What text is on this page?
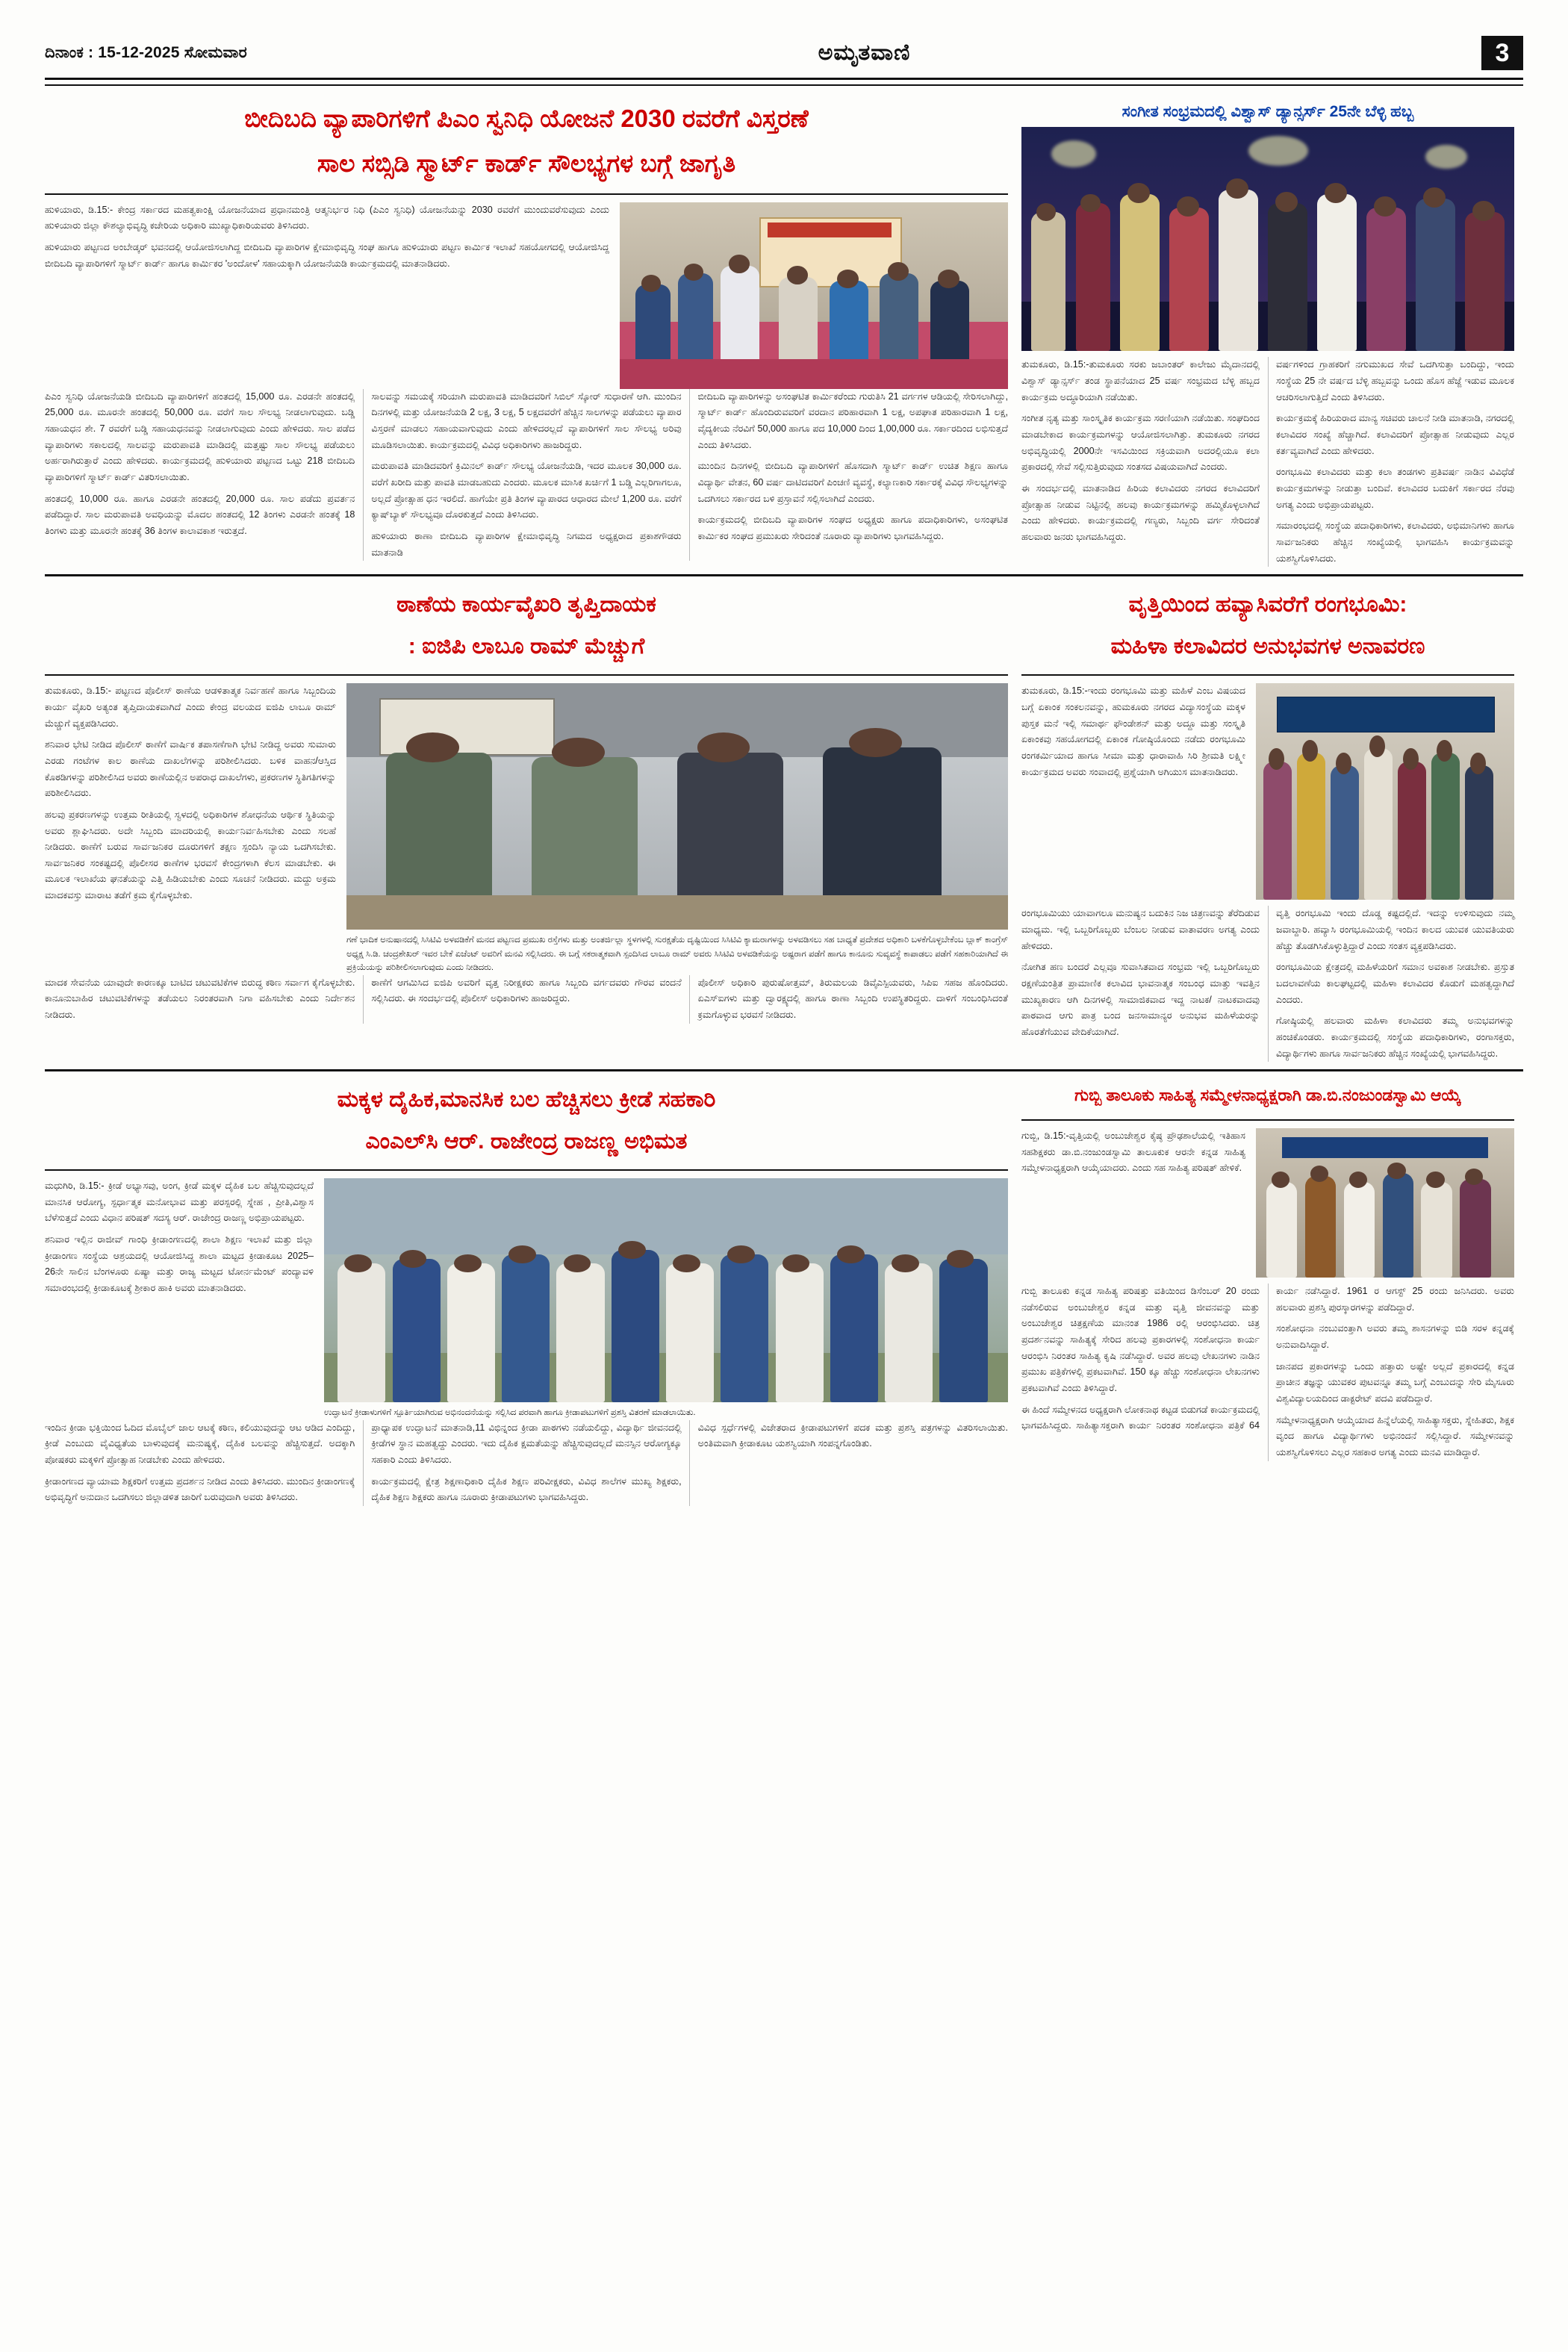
ದಿನಾಂಕ : 15-12-2025 ಸೋಮವಾರ	ಅಮೃತವಾಣಿ	3
ಬೀದಿಬದಿ ವ್ಯಾಪಾರಿಗಳಿಗೆ ಪಿಎಂ ಸ್ವನಿಧಿ ಯೋಜನೆ 2030 ರವರೆಗೆ ವಿಸ್ತರಣೆ
ಸಾಲ ಸಬ್ಸಿಡಿ ಸ್ಮಾರ್ಟ್ ಕಾರ್ಡ್ ಸೌಲಭ್ಯಗಳ ಬಗ್ಗೆ ಜಾಗೃತಿ

ಹುಳಿಯಾರು, ಡಿ.15:- ಕೇಂದ್ರ ಸರ್ಕಾರದ ಮಹತ್ವಕಾಂಕ್ಷಿ ಯೋಜನೆಯಾದ ಪ್ರಧಾನಮಂತ್ರಿ ಆತ್ಮನಿರ್ಭರ ನಿಧಿ (ಪಿಎಂ ಸ್ವನಿಧಿ) ಯೋಜನೆಯನ್ನು 2030 ರವರೆಗೆ ಮುಂದುವರೆಸುವುದು ಎಂದು ಹುಳಿಯಾರು ಜಿಲ್ಲಾ ಕೌಶಲ್ಯಾಭಿವೃದ್ಧಿ ಕಚೇರಿಯ ಅಧಿಕಾರಿ ಮುಖ್ಯಾಧಿಕಾರಿಯವರು ತಿಳಿಸಿದರು.

ಹುಳಿಯಾರು ಪಟ್ಟಣದ ಅಂಬೇಡ್ಕರ್ ಭವನದಲ್ಲಿ ಆಯೋಜಿಸಲಾಗಿದ್ದ ಬೀದಿಬದಿ ವ್ಯಾಪಾರಿಗಳ ಕ್ಷೇಮಾಭಿವೃದ್ಧಿ ಸಂಘ ಹಾಗೂ ಹುಳಿಯಾರು ಪಟ್ಟಣ ಕಾರ್ಮಿಕ ಇಲಾಖೆ ಸಹಯೋಗದಲ್ಲಿ ಆಯೋಜಿಸಿದ್ದ ಬೀದಿಬದಿ ವ್ಯಾಪಾರಿಗಳಿಗೆ ಸ್ಮಾರ್ಟ್ ಕಾರ್ಡ್ ಹಾಗೂ ಕಾರ್ಮಿಕರ 'ಅಂದೋಳ' ಸಹಾಯಕ್ಕಾಗಿ ಯೋಜನೆಯಡಿ ಕಾರ್ಯಕ್ರಮದಲ್ಲಿ ಮಾತನಾಡಿದರು.

ಪಿಎಂ ಸ್ವನಿಧಿ ಯೋಜನೆಯಡಿ ಬೀದಿಬದಿ ವ್ಯಾಪಾರಿಗಳಿಗೆ ಹಂತದಲ್ಲಿ 15,000 ರೂ. ಎರಡನೇ ಹಂತದಲ್ಲಿ 25,000 ರೂ. ಮೂರನೇ ಹಂತದಲ್ಲಿ 50,000 ರೂ. ವರೆಗೆ ಸಾಲ ಸೌಲಭ್ಯ ನೀಡಲಾಗುವುದು. ಬಡ್ಡಿ ಸಹಾಯಧನ ಶೇ. 7 ರವರೆಗೆ ಬಡ್ಡಿ ಸಹಾಯಧನವನ್ನು ನೀಡಲಾಗುವುದು ಎಂದು ಹೇಳಿದರು. ಸಾಲ ಪಡೆದ ವ್ಯಾಪಾರಿಗಳು ಸಕಾಲದಲ್ಲಿ ಸಾಲವನ್ನು ಮರುಪಾವತಿ ಮಾಡಿದಲ್ಲಿ ಮತ್ತಷ್ಟು ಸಾಲ ಸೌಲಭ್ಯ ಪಡೆಯಲು ಅರ್ಹರಾಗಿರುತ್ತಾರೆ ಎಂದು ಹೇಳಿದರು. ಕಾರ್ಯಕ್ರಮದಲ್ಲಿ ಹುಳಿಯಾರು ಪಟ್ಟಣದ ಒಟ್ಟು 218 ಬೀದಿಬದಿ ವ್ಯಾಪಾರಿಗಳಿಗೆ ಸ್ಮಾರ್ಟ್ ಕಾರ್ಡ್ ವಿತರಿಸಲಾಯಿತು.

ಹಂತದಲ್ಲಿ 10,000 ರೂ. ಹಾಗೂ ಎರಡನೇ ಹಂತದಲ್ಲಿ 20,000 ರೂ. ಸಾಲ ಪಡೆದು ಪ್ರವರ್ತನ ಪಡೆದಿದ್ದಾರೆ. ಸಾಲ ಮರುಪಾವತಿ ಅವಧಿಯನ್ನು ಮೊದಲ ಹಂತದಲ್ಲಿ 12 ತಿಂಗಳು ಎರಡನೇ ಹಂತಕ್ಕೆ 18 ತಿಂಗಳು ಮತ್ತು ಮೂರನೇ ಹಂತಕ್ಕೆ 36 ತಿಂಗಳ ಕಾಲಾವಕಾಶ ಇರುತ್ತದೆ.

ಸಾಲವನ್ನು ಸಮಯಕ್ಕೆ ಸರಿಯಾಗಿ ಮರುಪಾವತಿ ಮಾಡಿದವರಿಗೆ ಸಿಬಿಲ್ ಸ್ಕೋರ್ ಸುಧಾರಣೆ ಆಗಿ. ಮುಂದಿನ ದಿನಗಳಲ್ಲಿ ಮತ್ತು ಯೋಜನೆಯಡಿ 2 ಲಕ್ಷ, 3 ಲಕ್ಷ, 5 ಲಕ್ಷದವರೆಗೆ ಹೆಚ್ಚಿನ ಸಾಲಗಳನ್ನು ಪಡೆಯಲು ವ್ಯಾಪಾರ ವಿಸ್ತರಣೆ ಮಾಡಲು ಸಹಾಯವಾಗುವುದು ಎಂದು ಹೇಳಿದರಲ್ಲದೆ ವ್ಯಾಪಾರಿಗಳಿಗೆ ಸಾಲ ಸೌಲಭ್ಯ ಅರಿವು ಮೂಡಿಸಲಾಯಿತು. ಕಾರ್ಯಕ್ರಮದಲ್ಲಿ ವಿವಿಧ ಅಧಿಕಾರಿಗಳು ಹಾಜರಿದ್ದರು.

ಮರುಪಾವತಿ ಮಾಡಿದವರಿಗೆ ಕ್ರಿಮಿನಲ್ ಕಾರ್ಡ್ ಸೌಲಭ್ಯ ಯೋಜನೆಯಡಿ, ಇದರ ಮೂಲಕ 30,000 ರೂ. ವರೆಗೆ ಖರೀದಿ ಮತ್ತು ಪಾವತಿ ಮಾಡಬಹುದು ಎಂದರು. ಮೂಲಕ ಮಾಸಿಕ ಖರ್ಚಿಗೆ 1 ಬಡ್ಡಿ ಎಲ್ಲರಿಗಾಗಲೂ, ಅಲ್ಲದೆ ಪ್ರೋತ್ಸಾಹ ಧನ ಇರಲಿದೆ. ಹಾಗೆಯೇ ಪ್ರತಿ ತಿಂಗಳ ವ್ಯಾಪಾರದ ಆಧಾರದ ಮೇಲೆ 1,200 ರೂ. ವರೆಗೆ ಕ್ಯಾಷ್‌ಬ್ಯಾಕ್ ಸೌಲಭ್ಯವೂ ದೊರಕುತ್ತದೆ ಎಂದು ತಿಳಿಸಿದರು.

ಹುಳಿಯಾರು ಠಾಣಾ ಬೀದಿಬದಿ ವ್ಯಾಪಾರಿಗಳ ಕ್ಷೇಮಾಭಿವೃದ್ಧಿ ನಿಗಮದ ಅಧ್ಯಕ್ಷರಾದ ಪ್ರಕಾಶಗೌಡರು ಮಾತನಾಡಿ

ಬೀದಿಬದಿ ವ್ಯಾಪಾರಿಗಳನ್ನು ಅಸಂಘಟಿತ ಕಾರ್ಮಿಕರೆಂದು ಗುರುತಿಸಿ 21 ವರ್ಗಗಳ ಆಡಿಯಲ್ಲಿ ಸೇರಿಸಲಾಗಿದ್ದು, ಸ್ಮಾರ್ಟ್ ಕಾರ್ಡ್ ಹೊಂದಿರುವವರಿಗೆ ವರದಾನ ಪರಿಹಾರವಾಗಿ 1 ಲಕ್ಷ, ಅಪಘಾತ ಪರಿಹಾರವಾಗಿ 1 ಲಕ್ಷ, ವೈದ್ಯಕೀಯ ನೆರವಿಗೆ 50,000 ಹಾಗೂ ಪದ 10,000 ದಿಂದ 1,00,000 ರೂ. ಸರ್ಕಾರದಿಂದ ಲಭಿಸುತ್ತದೆ ಎಂದು ತಿಳಿಸಿದರು.

ಮುಂದಿನ ದಿನಗಳಲ್ಲಿ ಬೀದಿಬದಿ ವ್ಯಾಪಾರಿಗಳಿಗೆ ಹೊಸದಾಗಿ ಸ್ಮಾರ್ಟ್ ಕಾರ್ಡ್ ಉಚಿತ ಶಿಕ್ಷಣ ಹಾಗೂ ವಿದ್ಯಾರ್ಥಿ ವೇತನ, 60 ವರ್ಷ ದಾಟಿದವರಿಗೆ ಪಿಂಚಣಿ ವ್ಯವಸ್ಥೆ, ಕಲ್ಯಾಣಕಾರಿ ಸರ್ಕಾರಕ್ಕೆ ವಿವಿಧ ಸೌಲಭ್ಯಗಳನ್ನು ಒದಗಿಸಲು ಸರ್ಕಾರದ ಬಳಿ ಪ್ರಸ್ತಾವನೆ ಸಲ್ಲಿಸಲಾಗಿದೆ ಎಂದರು.

ಕಾರ್ಯಕ್ರಮದಲ್ಲಿ ಬೀದಿಬದಿ ವ್ಯಾಪಾರಿಗಳ ಸಂಘದ ಅಧ್ಯಕ್ಷರು ಹಾಗೂ ಪದಾಧಿಕಾರಿಗಳು, ಅಸಂಘಟಿತ ಕಾರ್ಮಿಕರ ಸಂಘದ ಪ್ರಮುಖರು ಸೇರಿದಂತೆ ನೂರಾರು ವ್ಯಾಪಾರಿಗಳು ಭಾಗವಹಿಸಿದ್ದರು.

ಸಂಗೀತ ಸಂಭ್ರಮದಲ್ಲಿ ವಿಶ್ವಾಸ್ ಡ್ಯಾನ್ಸರ್ಸ್ 25ನೇ ಬೆಳ್ಳಿ ಹಬ್ಬ

ತುಮಕೂರು, ಡಿ.15:-ತುಮಕೂರು ಸರಕು ಜಬಾಂತರ್ ಕಾಲೇಜು ಮೈದಾನದಲ್ಲಿ ವಿಶ್ವಾಸ್ ಡ್ಯಾನ್ಸರ್ಸ್ ತಂಡ ಸ್ಥಾಪನೆಯಾದ 25 ವರ್ಷ ಸಂಭ್ರಮದ ಬೆಳ್ಳಿ ಹಬ್ಬದ ಕಾರ್ಯಕ್ರಮ ಅದ್ಧೂರಿಯಾಗಿ ನಡೆಯಿತು.

ಸಂಗೀತ ನೃತ್ಯ ಮತ್ತು ಸಾಂಸ್ಕೃತಿಕ ಕಾರ್ಯಕ್ರಮ ಸರಣಿಯಾಗಿ ನಡೆಯಿತು. ಸಂಘದಿಂದ ಮಾಡಬೇಕಾದ ಕಾರ್ಯಕ್ರಮಗಳನ್ನು ಆಯೋಜಿಸಲಾಗಿತ್ತು. ತುಮಕೂರು ನಗರದ ಅಭಿವೃದ್ಧಿಯಲ್ಲಿ 2000ನೇ ಇಸವಿಯಿಂದ ಸಕ್ರಿಯವಾಗಿ ಅದರಲ್ಲಿಯೂ ಕಲಾ ಪ್ರಕಾರದಲ್ಲಿ ಸೇವೆ ಸಲ್ಲಿಸುತ್ತಿರುವುದು ಸಂತಸದ ವಿಷಯವಾಗಿದೆ ಎಂದರು.

ಈ ಸಂದರ್ಭದಲ್ಲಿ ಮಾತನಾಡಿದ ಹಿರಿಯ ಕಲಾವಿದರು ನಗರದ ಕಲಾವಿದರಿಗೆ ಪ್ರೋತ್ಸಾಹ ನೀಡುವ ನಿಟ್ಟಿನಲ್ಲಿ ಹಲವು ಕಾರ್ಯಕ್ರಮಗಳನ್ನು ಹಮ್ಮಿಕೊಳ್ಳಲಾಗಿದೆ ಎಂದು ಹೇಳಿದರು. ಕಾರ್ಯಕ್ರಮದಲ್ಲಿ ಗಣ್ಯರು, ಸಿಬ್ಬಂದಿ ವರ್ಗ ಸೇರಿದಂತೆ ಹಲವಾರು ಜನರು ಭಾಗವಹಿಸಿದ್ದರು.

ವರ್ಷಗಳಿಂದ ಗ್ರಾಹಕರಿಗೆ ನಗುಮುಖದ ಸೇವೆ ಒದಗಿಸುತ್ತಾ ಬಂದಿದ್ದು, ಇಂದು ಸಂಸ್ಥೆಯ 25 ನೇ ವರ್ಷದ ಬೆಳ್ಳಿ ಹಬ್ಬವನ್ನು ಒಂದು ಹೊಸ ಹೆಜ್ಜೆ ಇಡುವ ಮೂಲಕ ಆಚರಿಸಲಾಗುತ್ತಿದೆ ಎಂದು ತಿಳಿಸಿದರು.

ಕಾರ್ಯಕ್ರಮಕ್ಕೆ ಹಿರಿಯರಾದ ಮಾನ್ಯ ಸಚಿವರು ಚಾಲನೆ ನೀಡಿ ಮಾತನಾಡಿ, ನಗರದಲ್ಲಿ ಕಲಾವಿದರ ಸಂಖ್ಯೆ ಹೆಚ್ಚಾಗಿದೆ. ಕಲಾವಿದರಿಗೆ ಪ್ರೋತ್ಸಾಹ ನೀಡುವುದು ಎಲ್ಲರ ಕರ್ತವ್ಯವಾಗಿದೆ ಎಂದು ಹೇಳಿದರು.

ರಂಗಭೂಮಿ ಕಲಾವಿದರು ಮತ್ತು ಕಲಾ ತಂಡಗಳು ಪ್ರತಿವರ್ಷ ನಾಡಿನ ವಿವಿಧೆಡೆ ಕಾರ್ಯಕ್ರಮಗಳನ್ನು ನೀಡುತ್ತಾ ಬಂದಿವೆ. ಕಲಾವಿದರ ಬದುಕಿಗೆ ಸರ್ಕಾರದ ನೆರವು ಅಗತ್ಯ ಎಂದು ಅಭಿಪ್ರಾಯಪಟ್ಟರು.

ಸಮಾರಂಭದಲ್ಲಿ ಸಂಸ್ಥೆಯ ಪದಾಧಿಕಾರಿಗಳು, ಕಲಾವಿದರು, ಅಭಿಮಾನಿಗಳು ಹಾಗೂ ಸಾರ್ವಜನಿಕರು ಹೆಚ್ಚಿನ ಸಂಖ್ಯೆಯಲ್ಲಿ ಭಾಗವಹಿಸಿ ಕಾರ್ಯಕ್ರಮವನ್ನು ಯಶಸ್ವಿಗೊಳಿಸಿದರು.

ಠಾಣೆಯ ಕಾರ್ಯವೈಖರಿ ತೃಪ್ತಿದಾಯಕ
: ಐಜಿಪಿ ಲಾಬೂ ರಾಮ್ ಮೆಚ್ಚುಗೆ

ತುಮಕೂರು, ಡಿ.15:- ಪಟ್ಟಣದ ಪೊಲೀಸ್ ಠಾಣೆಯ ಆಡಳಿತಾತ್ಮಕ ನಿರ್ವಹಣೆ ಹಾಗೂ ಸಿಬ್ಬಂದಿಯ ಕಾರ್ಯ ವೈಖರಿ ಅತ್ಯಂತ ತೃಪ್ತಿದಾಯಕವಾಗಿದೆ ಎಂದು ಕೇಂದ್ರ ವಲಯದ ಐಜಿಪಿ ಲಾಬೂ ರಾಮ್ ಮೆಚ್ಚುಗೆ ವ್ಯಕ್ತಪಡಿಸಿದರು.

ಶನಿವಾರ ಭೇಟಿ ನೀಡಿದ ಪೊಲೀಸ್ ಠಾಣೆಗೆ ವಾರ್ಷಿಕ ತಪಾಸಣೆಗಾಗಿ ಭೇಟಿ ನೀಡಿದ್ದ ಅವರು ಸುಮಾರು ಎರಡು ಗಂಟೆಗಳ ಕಾಲ ಠಾಣೆಯ ದಾಖಲೆಗಳನ್ನು ಪರಿಶೀಲಿಸಿದರು. ಬಳಿಕ ವಾಹನ/ಆಸ್ತಿದ ಕೊಠಡಿಗಳನ್ನು ಪರಿಶೀಲಿಸಿದ ಅವರು ಠಾಣೆಯಲ್ಲಿನ ಅಪರಾಧ ದಾಖಲೆಗಳು, ಪ್ರಕರಣಗಳ ಸ್ಥಿತಿಗತಿಗಳನ್ನು ಪರಿಶೀಲಿಸಿದರು.

ಹಲವು ಪ್ರಕರಣಗಳನ್ನು ಉತ್ತಮ ರೀತಿಯಲ್ಲಿ ಸ್ವಳದಲ್ಲಿ ಅಧಿಕಾರಿಗಳ ಶೋಧನೆಯ ಆರ್ಥಿಕ ಸ್ಥಿತಿಯನ್ನು ಅವರು ಶ್ಲಾಘಿಸಿದರು. ಅದೇ ಸಿಬ್ಬಂದಿ ಮಾದರಿಯಲ್ಲಿ ಕಾರ್ಯನಿರ್ವಹಿಸಬೇಕು ಎಂದು ಸಲಹೆ ನೀಡಿದರು. ಠಾಣೆಗೆ ಬರುವ ಸಾರ್ವಜನಿಕರ ದೂರುಗಳಿಗೆ ತಕ್ಷಣ ಸ್ಪಂದಿಸಿ ನ್ಯಾಯ ಒದಗಿಸಬೇಕು. ಸಾರ್ವಜನಿಕರ ಸಂಕಷ್ಟದಲ್ಲಿ ಪೊಲೀಸರ ಠಾಣೆಗಳ ಭರವಸೆ ಕೇಂದ್ರಗಳಾಗಿ ಕೆಲಸ ಮಾಡಬೇಕು. ಈ ಮೂಲಕ ಇಲಾಖೆಯ ಘನತೆಯನ್ನು ಎತ್ತಿ ಹಿಡಿಯಬೇಕು ಎಂದು ಸೂಚನೆ ನೀಡಿದರು. ಮದ್ದು ಅಕ್ರಮ ಮಾದಕವಸ್ತು ಮಾರಾಟ ತಡೆಗೆ ಕ್ರಮ ಕೈಗೊಳ್ಳಬೇಕು.

ಗಣೆ ಭಾದಿಕ ಅನುಷಾನದಲ್ಲಿ ಸಿಸಿಟಿವಿ ಅಳವಡಿಕೆಗೆ ಮನದ ಪಟ್ಟಣದ ಪ್ರಮುಖ ರಸ್ತೆಗಳು ಮತ್ತು ಅಂತರ್ಜಿಲ್ಲಾ ಸ್ಥಳಗಳಲ್ಲಿ ಸುರಕ್ಷತೆಯ ದೃಷ್ಟಿಯಿಂದ ಸಿಸಿಟಿವಿ ಕ್ಯಾಮರಾಗಳನ್ನು ಅಳವಡಿಸಲು ಸಹ ಬಾಧ್ಯತೆ ಪ್ರದೇಶದ ಅಧಿಕಾರಿ ಬಳಕೆಗೊಳ್ಳಬೇಕೆಂಬ ಬ್ಲಾಕ್ ಕಾಂಗ್ರೆಸ್ ಅಧ್ಯಕ್ಷ ಸಿ.ಡಿ. ಚಂದ್ರಶೇಖರ್ ಇವರ ಬೇಕೆ ಏಜೆಂಟ್ ಅವರಿಗೆ ಮನವಿ ಸಲ್ಲಿಸಿದರು. ಈ ಬಗ್ಗೆ ಸಕರಾತ್ಮಕವಾಗಿ ಸ್ಪಂದಿಸಿದ ಲಾಬೂ ರಾಮ್ ಅವರು ಸಿಸಿಟಿವಿ ಅಳವಡಿಕೆಯನ್ನು ಅಷ್ಟರಾಗ ಪಡೆಗೆ ಹಾಗೂ ಕಾನೂನು ಸುವ್ಯವಸ್ಥೆ ಕಾಪಾಡಲು ಪಡೆಗೆ ಸಹಕಾರಿಯಾಗಿದೆ ಈ ಪ್ರಕ್ರಿಯೆಯನ್ನು ಪರಿಶೀಲಿಸಲಾಗುವುದು ಎಂದು ನೀಡಿದರು.

ಮಾದಕ ಸೇವನೆಯ ಯಾವುದೇ ಕಾರಣಕ್ಕೂ ಬಾಟಿದ ಚಟುವಟಿಕೆಗಳ ಬಿರುದ್ಧ ಕಠಿಣ ಸರ್ವಾಗ ಕೈಗೊಳ್ಳಬೇಕು. ಕಾನೂನುಬಾಹಿರ ಚಟುವಟಿಕೆಗಳನ್ನು ತಡೆಯಲು ನಿರಂತರವಾಗಿ ನಿಗಾ ವಹಿಸಬೇಕು ಎಂದು ನಿರ್ದೇಶನ ನೀಡಿದರು.

ಠಾಣೆಗೆ ಆಗಮಿಸಿದ ಐಜಿಪಿ ಅವರಿಗೆ ವೃತ್ತ ನಿರೀಕ್ಷಕರು ಹಾಗೂ ಸಿಬ್ಬಂದಿ ವರ್ಗದವರು ಗೌರವ ವಂದನೆ ಸಲ್ಲಿಸಿದರು. ಈ ಸಂದರ್ಭದಲ್ಲಿ ಪೊಲೀಸ್ ಅಧಿಕಾರಿಗಳು ಹಾಜರಿದ್ದರು.

ಪೊಲೀಸ್ ಅಧಿಕಾರಿ ಪುರುಷೋತ್ತಮ್, ತಿರುಮಲಯ ಡಿವೈಎಸ್ಪಿಯವರು, ಸಿಪಿಐ ಸಹಜ ಹೊಂದಿದರು. ಏಎಸ್‌ಐಗಳು ಮತ್ತು ದ್ವಾರಕ್ಷ್ಯದಲ್ಲಿ ಹಾಗೂ ಠಾಣಾ ಸಿಬ್ಬಂದಿ ಉಪಸ್ಥಿತರಿದ್ದರು. ದಾಳಿಗೆ ಸಂಬಂಧಿಸಿದಂತೆ ಕ್ರಮಗೊಳ್ಳುವ ಭರವಸೆ ನೀಡಿದರು.

ವೃತ್ತಿಯಿಂದ ಹವ್ಯಾಸಿವರೆಗೆ ರಂಗಭೂಮಿ:
ಮಹಿಳಾ ಕಲಾವಿದರ ಅನುಭವಗಳ ಅನಾವರಣ

ತುಮಕೂರು, ಡಿ.15:-ಇಂದು ರಂಗಭೂಮಿ ಮತ್ತು ಮಹಿಳೆ ಎಂಬ ವಿಷಯದ ಬಗ್ಗೆ ಏಕಾಂಕ ಸಂಕಲನವನ್ನು, ಹುಮಕೂರು ನಗರದ ವಿದ್ಯಾಸಂಸ್ಥೆಯ ಮಕ್ಕಳ ಪುಸ್ತಕ ಮನೆ ಇಲ್ಲಿ ಸಮಾರ್ಥ ಫೌಂಡೇಶನ್ ಮತ್ತು ಅದ್ದೂ ಮತ್ತು ಸಂಸ್ಕೃತಿ ಏಕಾಂಕವು ಸಹಯೋಗದಲ್ಲಿ ಏಕಾಂಕ ಗೋಷ್ಠಿಯೊಂದು ನಡೆದು ರಂಗಭೂಮಿ ರಂಗಕರ್ಮಿಯಾದ ಹಾಗೂ ಸೀಮಾ ಮತ್ತು ಧಾರಾವಾಹಿ ಸಿರಿ ಶ್ರೀಮತಿ ಲಕ್ಷ್ಮೀ ಕಾರ್ಯಕ್ರಮದ ಅವರು ಸಂವಾದಲ್ಲಿ ಪ್ರಶ್ನೆಯಾಗಿ ಅಗಿಯುಸ ಮಾತನಾಡಿದರು.

ರಂಗಭೂಮಿಯು ಯಾವಾಗಲೂ ಮನುಷ್ಯನ ಬದುಕಿನ ನಿಜ ಚಿತ್ರಣವನ್ನು ತೆರೆದಿಡುವ ಮಾಧ್ಯಮ. ಇಲ್ಲಿ ಒಬ್ಬರಿಗೊಬ್ಬರು ಬೆಂಬಲ ನೀಡುವ ವಾತಾವರಣ ಅಗತ್ಯ ಎಂದು ಹೇಳಿದರು.

ನೋಗಿತ ಹಣ ಬಂದರೆ ಎಲ್ಲವೂ ಸುವಾಸಿತವಾದ ಸಂಭ್ರಮ ಇಲ್ಲಿ ಒಬ್ಬರಿಗೊಬ್ಬರು ರಕ್ಷಣೆಯಂತ್ರಿತ ಪ್ರಾಮಾಣಿಕ ಕಲಾವಿದ ಭಾವನಾತ್ಮಕ ಸಂಬಂಧ ಮಾತ್ತು ಇವತ್ತಿನ ಮುಖ್ಯಕಾರಣ ಆಗಿ ದಿನಗಳಲ್ಲಿ ಸಾಮಾಜಿಕವಾದ ಇದ್ದ ನಾಟಕ/ ನಾಟಕವಾದವು ಪಾಠವಾದ ಆಗು ಪಾತ್ರ ಬಂದ ಜನಸಾಮಾನ್ಯರ ಅನುಭವ ಮಹಿಳೆಯರನ್ನು ಹೊರತೆಗೆಯುವ ವೇದಿಕೆಯಾಗಿದೆ.

ವೃತ್ತಿ ರಂಗಭೂಮಿ ಇಂದು ದೊಡ್ಡ ಕಷ್ಟದಲ್ಲಿದೆ. ಇದನ್ನು ಉಳಿಸುವುದು ನಮ್ಮ ಜವಾಬ್ದಾರಿ. ಹವ್ಯಾಸಿ ರಂಗಭೂಮಿಯಲ್ಲಿ ಇಂದಿನ ಕಾಲದ ಯುವಕ ಯುವತಿಯರು ಹೆಚ್ಚು ತೊಡಗಿಸಿಕೊಳ್ಳುತ್ತಿದ್ದಾರೆ ಎಂದು ಸಂತಸ ವ್ಯಕ್ತಪಡಿಸಿದರು.

ರಂಗಭೂಮಿಯ ಕ್ಷೇತ್ರದಲ್ಲಿ ಮಹಿಳೆಯರಿಗೆ ಸಮಾನ ಅವಕಾಶ ನೀಡಬೇಕು. ಪ್ರಸ್ತುತ ಬದಲಾವಣೆಯ ಕಾಲಘಟ್ಟದಲ್ಲಿ ಮಹಿಳಾ ಕಲಾವಿದರ ಕೊಡುಗೆ ಮಹತ್ವದ್ದಾಗಿದೆ ಎಂದರು.

ಗೋಷ್ಠಿಯಲ್ಲಿ ಹಲವಾರು ಮಹಿಳಾ ಕಲಾವಿದರು ತಮ್ಮ ಅನುಭವಗಳನ್ನು ಹಂಚಿಕೊಂಡರು. ಕಾರ್ಯಕ್ರಮದಲ್ಲಿ ಸಂಸ್ಥೆಯ ಪದಾಧಿಕಾರಿಗಳು, ರಂಗಾಸಕ್ತರು, ವಿದ್ಯಾರ್ಥಿಗಳು ಹಾಗೂ ಸಾರ್ವಜನಿಕರು ಹೆಚ್ಚಿನ ಸಂಖ್ಯೆಯಲ್ಲಿ ಭಾಗವಹಿಸಿದ್ದರು.

ಮಕ್ಕಳ ದೈಹಿಕ,ಮಾನಸಿಕ ಬಲ ಹೆಚ್ಚಿಸಲು ಕ್ರೀಡೆ ಸಹಕಾರಿ
ಎಂಎಲ್‌ಸಿ ಆರ್. ರಾಜೇಂದ್ರ ರಾಜಣ್ಣ ಅಭಿಮತ

ಮಧುಗಿರಿ, ಡಿ.15:- ಕ್ರೀಡೆ ಅಭ್ಯಾಸವು, ಅಂಗ, ಕ್ರೀಡೆ ಮಕ್ಕಳ ದೈಹಿಕ ಬಲ ಹೆಚ್ಚಿಸುವುದಲ್ಲದೆ ಮಾನಸಿಕ ಆರೋಗ್ಯ, ಸ್ಪರ್ಧಾತ್ಮಕ ಮನೋಭಾವ ಮತ್ತು ಪರಸ್ಪರಲ್ಲಿ ಸ್ನೇಹ , ಪ್ರೀತಿ,ವಿಶ್ವಾಸ ಬೆಳೆಸುತ್ತದೆ ಎಂದು ವಿಧಾನ ಪರಿಷತ್ ಸದಸ್ಯ ಆರ್. ರಾಜೇಂದ್ರ ರಾಜಣ್ಣ ಅಭಿಪ್ರಾಯಪಟ್ಟರು.

ಶನಿವಾರ ಇಲ್ಲಿನ ರಾಜೀವ್ ಗಾಂಧಿ ಕ್ರೀಡಾಂಗಣದಲ್ಲಿ ಶಾಲಾ ಶಿಕ್ಷಣ ಇಲಾಖೆ ಮತ್ತು ಜಿಲ್ಲಾ ಕ್ರೀಡಾಂಗಣ ಸಂಸ್ಥೆಯ ಆಶ್ರಯದಲ್ಲಿ ಆಯೋಜಿಸಿದ್ದ ಶಾಲಾ ಮಟ್ಟದ ಕ್ರೀಡಾಕೂಟ 2025–26ನೇ ಸಾಲಿನ ಬೆಂಗಳೂರು ಏಷ್ಯಾ ಮತ್ತು ರಾಜ್ಯ ಮಟ್ಟದ ಟೋರ್ನಮೆಂಟ್ ಪಂದ್ಯಾವಳಿ ಸಮಾರಂಭದಲ್ಲಿ ಕ್ರೀಡಾಕೂಟಕ್ಕೆ ಶ್ರೀಕಾರ ಹಾಕಿ ಅವರು ಮಾತನಾಡಿದರು.

ಉದ್ಘಾಟನೆ ಕ್ರೀಡಾಳುಗಳಿಗೆ ಸ್ಪೂರ್ತಿಯಾಗಿರುವ ಅಭಿನಂದನೆಯನ್ನು ಸಲ್ಲಿಸಿದ ಪರವಾಗಿ ಹಾಗೂ ಕ್ರೀಡಾಪಟುಗಳಿಗೆ ಪ್ರಶಸ್ತಿ ವಿತರಣೆ ಮಾಡಲಾಯಿತು.

ಇಂದಿನ ಕ್ರೀಡಾ ಭಕ್ತಿಯಿಂದ ಓದಿದ ಮೊಬೈಲ್ ಜಾಲ ಆಟಕ್ಕೆ ಕಠಿಣ, ಕಲಿಯುವುದನ್ನು ಆಟ ಆಡಿದ ಎಂದಿದ್ದು, ಕ್ರೀಡೆ ಎಂಬುದು ವೈವಿಧ್ಯತೆಯ ಬಾಳುವುದಕ್ಕೆ ಮನುಷ್ಯಕ್ಕೆ, ದೈಹಿಕ ಬಲವನ್ನು ಹೆಚ್ಚಿಸುತ್ತದೆ. ಅದಕ್ಕಾಗಿ ಪೋಷಕರು ಮಕ್ಕಳಿಗೆ ಪ್ರೋತ್ಸಾಹ ನೀಡಬೇಕು ಎಂದು ಹೇಳಿದರು.

ಕ್ರೀಡಾಂಗಣದ ವ್ಯಾಯಾಮ ಶಿಕ್ಷಕರಿಗೆ ಉತ್ತಮ ಪ್ರದರ್ಶನ ನೀಡಿದ ಎಂದು ತಿಳಿಸಿದರು. ಮುಂದಿನ ಕ್ರೀಡಾಂಗಣಕ್ಕೆ ಅಭಿವೃದ್ಧಿಗೆ ಅನುದಾನ ಒದಗಿಸಲು ಜಿಲ್ಲಾಡಳಿತ ಜಾರಿಗೆ ಬರುವುದಾಗಿ ಅವರು ತಿಳಿಸಿದರು.

ಪ್ರಾಧ್ಯಾಪಕ ಉದ್ಘಾಟನೆ ಮಾತನಾಡಿ,11 ವಿಭಿನ್ನಂದ ಕ್ರೀಡಾ ಪಾಠಗಳು ನಡೆಯಲಿದ್ದು, ವಿದ್ಯಾರ್ಥಿ ಜೀವನದಲ್ಲಿ ಕ್ರೀಡೆಗಳ ಸ್ಥಾನ ಮಹತ್ವದ್ದು ಎಂದರು. ಇದು ದೈಹಿಕ ಕ್ಷಮತೆಯನ್ನು ಹೆಚ್ಚಿಸುವುದಲ್ಲದೆ ಮನಸ್ಸಿನ ಆರೋಗ್ಯಕ್ಕೂ ಸಹಕಾರಿ ಎಂದು ತಿಳಿಸಿದರು.

ಕಾರ್ಯಕ್ರಮದಲ್ಲಿ ಕ್ಷೇತ್ರ ಶಿಕ್ಷಣಾಧಿಕಾರಿ ದೈಹಿಕ ಶಿಕ್ಷಣ ಪರಿವೀಕ್ಷಕರು, ವಿವಿಧ ಶಾಲೆಗಳ ಮುಖ್ಯ ಶಿಕ್ಷಕರು, ದೈಹಿಕ ಶಿಕ್ಷಣ ಶಿಕ್ಷಕರು ಹಾಗೂ ನೂರಾರು ಕ್ರೀಡಾಪಟುಗಳು ಭಾಗವಹಿಸಿದ್ದರು.

ವಿವಿಧ ಸ್ಪರ್ಧೆಗಳಲ್ಲಿ ವಿಜೇತರಾದ ಕ್ರೀಡಾಪಟುಗಳಿಗೆ ಪದಕ ಮತ್ತು ಪ್ರಶಸ್ತಿ ಪತ್ರಗಳನ್ನು ವಿತರಿಸಲಾಯಿತು. ಅಂತಿಮವಾಗಿ ಕ್ರೀಡಾಕೂಟ ಯಶಸ್ವಿಯಾಗಿ ಸಂಪನ್ನಗೊಂಡಿತು.

ಗುಬ್ಬಿ ತಾಲೂಕು ಸಾಹಿತ್ಯ ಸಮ್ಮೇಳನಾಧ್ಯಕ್ಷರಾಗಿ ಡಾ.ಬಿ.ನಂಜುಂಡಸ್ವಾಮಿ ಆಯ್ಕೆ

ಗುಬ್ಬಿ, ಡಿ.15:-ವೃತ್ತಿಯಲ್ಲಿ ಅಂಬುಜೇಶ್ವರ ಕೈಷ್ಠ ಪ್ರೌಢಶಾಲೆಯಲ್ಲಿ ಇತಿಹಾಸ ಸಹಶಿಕ್ಷಕರು ಡಾ.ಬಿ.ನಂಜುಂಡಸ್ವಾಮಿ ತಾಲೂಕುಕ ಆರನೇ ಕನ್ನಡ ಸಾಹಿತ್ಯ ಸಮ್ಮೇಳನಾಧ್ಯಕ್ಷರಾಗಿ ಆಯ್ಕೆಯಾದರು. ಎಂದು ಸಹ ಸಾಹಿತ್ಯ ಪರಿಷತ್ ಹೇಳಿಕೆ.

ಗುಬ್ಬಿ ತಾಲೂಕು ಕನ್ನಡ ಸಾಹಿತ್ಯ ಪರಿಷತ್ತು ವತಿಯಿಂದ ಡಿಸೆಂಬರ್ 20 ರಂದು ನಡೆಸಲಿರುವ ಅಂಬುಜೇಶ್ವರ ಕನ್ನಡ ಮತ್ತು ವೃತ್ತಿ ಜೀವನವನ್ನು ಮತ್ತು ಅಂಬುಜೇಶ್ವರ ಚಿತ್ರಕ್ಷಣೆಯ ಮಾನಂತ 1986 ರಲ್ಲಿ ಆರಂಭಿಸಿದರು. ಚಿತ್ರ ಪ್ರದರ್ಶನವನ್ನು ಸಾಹಿತ್ಯಕ್ಕೆ ಸೇರಿದ ಹಲವು ಪ್ರಕಾರಗಳಲ್ಲಿ ಸಂಶೋಧನಾ ಕಾರ್ಯ ಆರಂಭಿಸಿ ನಿರಂತರ ಸಾಹಿತ್ಯ ಕೃಷಿ ನಡೆಸಿದ್ದಾರೆ. ಅವರ ಹಲವು ಲೇಖನಗಳು ನಾಡಿನ ಪ್ರಮುಖ ಪತ್ರಿಕೆಗಳಲ್ಲಿ ಪ್ರಕಟವಾಗಿವೆ. 150 ಕ್ಕೂ ಹೆಚ್ಚು ಸಂಶೋಧನಾ ಲೇಖನಗಳು ಪ್ರಕಟವಾಗಿವೆ ಎಂದು ತಿಳಿಸಿದ್ದಾರೆ.

ಈ ಹಿಂದೆ ಸಮ್ಮೇಳನದ ಅಧ್ಯಕ್ಷರಾಗಿ ಲೋಕನಾಥ ಕಟ್ಟಡ ಬಿಡುಗಡೆ ಕಾರ್ಯಕ್ರಮದಲ್ಲಿ ಭಾಗವಹಿಸಿದ್ದರು. ಸಾಹಿತ್ಯಾಸಕ್ತರಾಗಿ ಕಾರ್ಯ ನಿರಂತರ ಸಂಶೋಧನಾ ಪತ್ರಿಕೆ 64 ಕಾರ್ಯ ನಡೆಸಿದ್ದಾರೆ. 1961 ರ ಆಗಸ್ಟ್ 25 ರಂದು ಜನಿಸಿದರು. ಅವರು ಹಲವಾರು ಪ್ರಶಸ್ತಿ ಪುರಸ್ಕಾರಗಳನ್ನು ಪಡೆದಿದ್ದಾರೆ.

ಸಂಶೋಧನಾ ನಂಬುವಂತ್ತಾಗಿ ಅವರು ತಮ್ಮ ಶಾಸನಗಳನ್ನು ಬಿಡಿ ಸರಳ ಕನ್ನಡಕ್ಕೆ ಅನುವಾದಿಸಿದ್ದಾರೆ.

ಜಾನಪದ ಪ್ರಕಾರಗಳನ್ನು ಒಂದು ಹತ್ತಾರು ಅಷ್ಟೇ ಅಲ್ಲದೆ ಪ್ರಕಾರದಲ್ಲಿ ಕನ್ನಡ ಪ್ರಾಚೀನ ತಜ್ಞನ್ನು ಯುವಕರ ಪುಟವನ್ನೂ ತಮ್ಮ ಬಗ್ಗೆ ಎಂಬುದನ್ನು ಸೇರಿ ಮೈಸೂರು ವಿಶ್ವವಿದ್ಯಾಲಯದಿಂದ ಡಾಕ್ಟರೇಟ್ ಪದವಿ ಪಡೆದಿದ್ದಾರೆ.

ಸಮ್ಮೇಳನಾಧ್ಯಕ್ಷರಾಗಿ ಆಯ್ಕೆಯಾದ ಹಿನ್ನೆಲೆಯಲ್ಲಿ ಸಾಹಿತ್ಯಾಸಕ್ತರು, ಸ್ನೇಹಿತರು, ಶಿಕ್ಷಕ ವೃಂದ ಹಾಗೂ ವಿದ್ಯಾರ್ಥಿಗಳು ಅಭಿನಂದನೆ ಸಲ್ಲಿಸಿದ್ದಾರೆ. ಸಮ್ಮೇಳನವನ್ನು ಯಶಸ್ವಿಗೊಳಿಸಲು ಎಲ್ಲರ ಸಹಕಾರ ಅಗತ್ಯ ಎಂದು ಮನವಿ ಮಾಡಿದ್ದಾರೆ.
